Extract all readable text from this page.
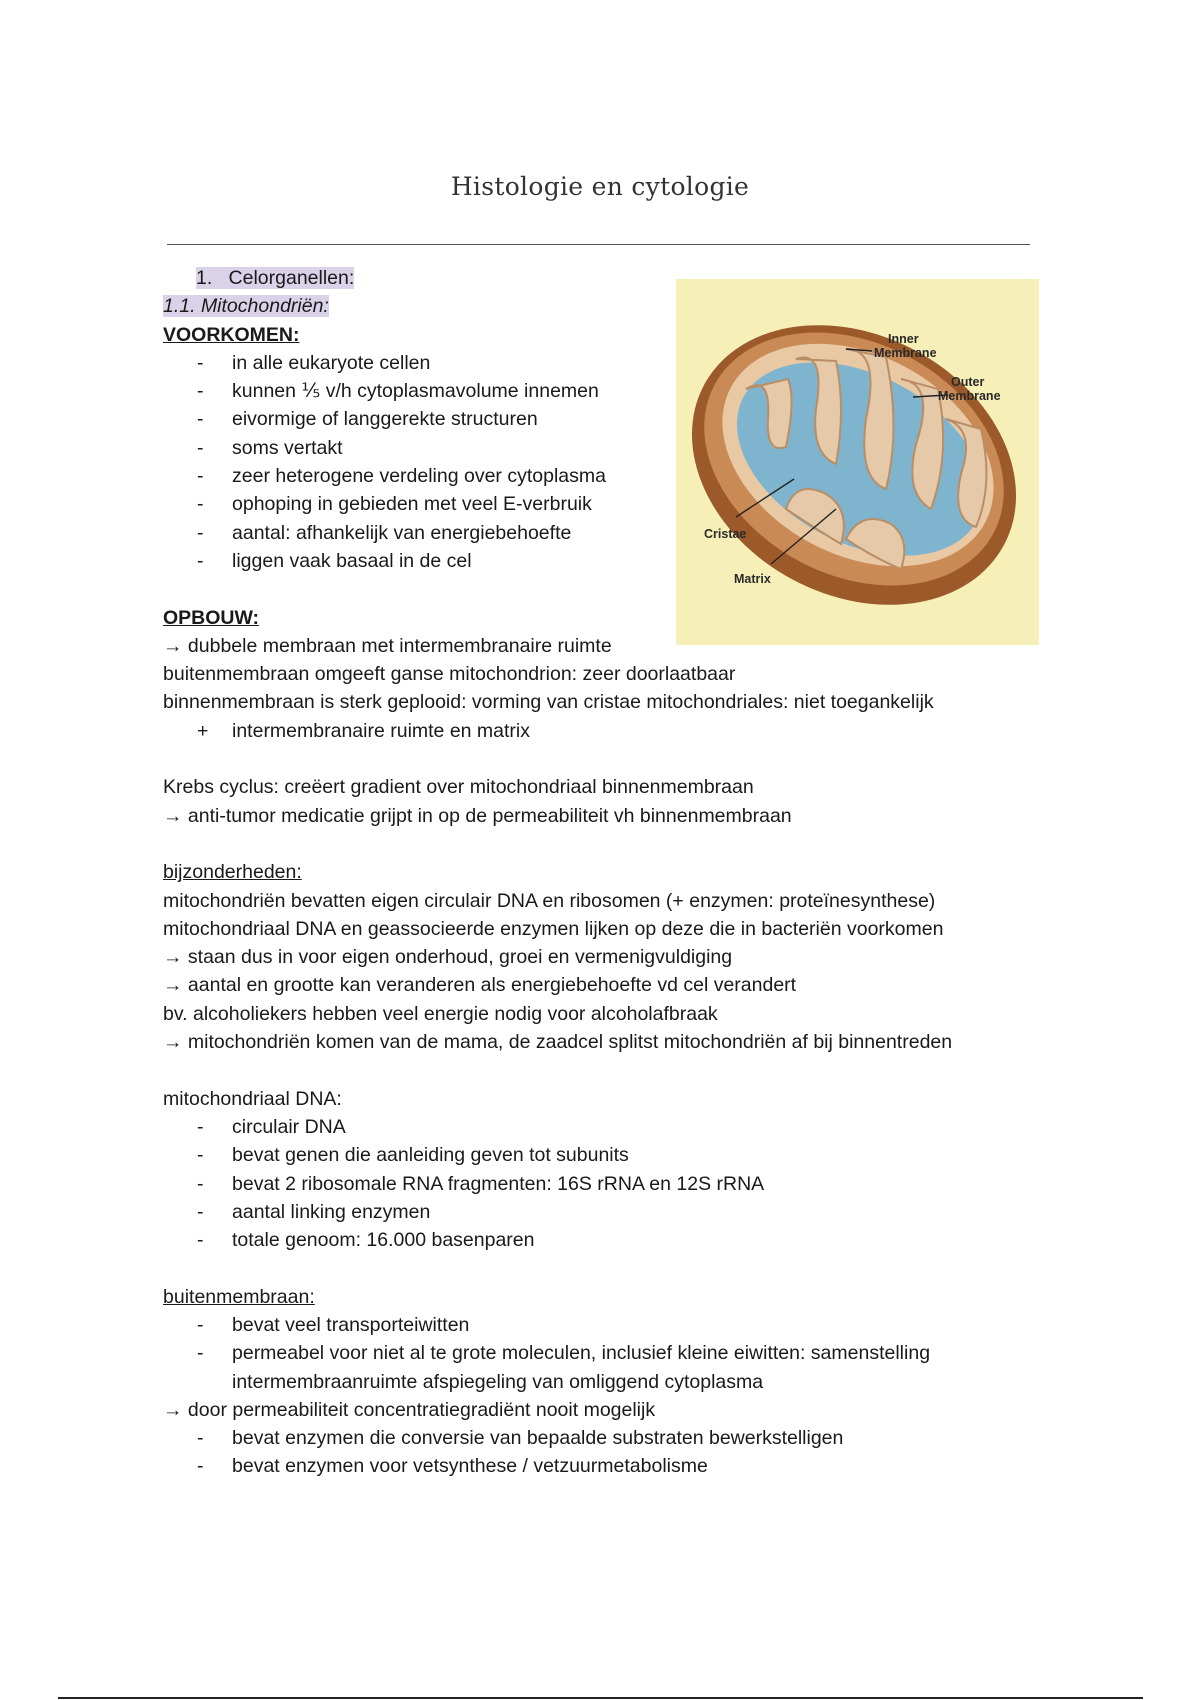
Histologie en cytologie
Inner
Membrane
Outer
Membrane
Cristae
Matrix
1. Celorganellen:
1.1. Mitochondriën:
VOORKOMEN:
- in alle eukaryote cellen
- kunnen ⅕ v/h cytoplasmavolume innemen
- eivormige of langgerekte structuren
- soms vertakt
- zeer heterogene verdeling over cytoplasma
- ophoping in gebieden met veel E-verbruik
- aantal: afhankelijk van energiebehoefte
- liggen vaak basaal in de cel
OPBOUW:
→ dubbele membraan met intermembranaire ruimte
buitenmembraan omgeeft ganse mitochondrion: zeer doorlaatbaar
binnenmembraan is sterk geplooid: vorming van cristae mitochondriales: niet toegankelijk
+ intermembranaire ruimte en matrix
Krebs cyclus: creëert gradient over mitochondriaal binnenmembraan
→ anti-tumor medicatie grijpt in op de permeabiliteit vh binnenmembraan
bijzonderheden:
mitochondriën bevatten eigen circulair DNA en ribosomen (+ enzymen: proteïnesynthese)
mitochondriaal DNA en geassocieerde enzymen lijken op deze die in bacteriën voorkomen
→ staan dus in voor eigen onderhoud, groei en vermenigvuldiging
→ aantal en grootte kan veranderen als energiebehoefte vd cel verandert
bv. alcoholiekers hebben veel energie nodig voor alcoholafbraak
→ mitochondriën komen van de mama, de zaadcel splitst mitochondriën af bij binnentreden
mitochondriaal DNA:
- circulair DNA
- bevat genen die aanleiding geven tot subunits
- bevat 2 ribosomale RNA fragmenten: 16S rRNA en 12S rRNA
- aantal linking enzymen
- totale genoom: 16.000 basenparen
buitenmembraan:
- bevat veel transporteiwitten
- permeabel voor niet al te grote moleculen, inclusief kleine eiwitten: samenstelling intermembraanruimte afspiegeling van omliggend cytoplasma
→ door permeabiliteit concentratiegradiënt nooit mogelijk
- bevat enzymen die conversie van bepaalde substraten bewerkstelligen
- bevat enzymen voor vetsynthese / vetzuurmetabolisme
